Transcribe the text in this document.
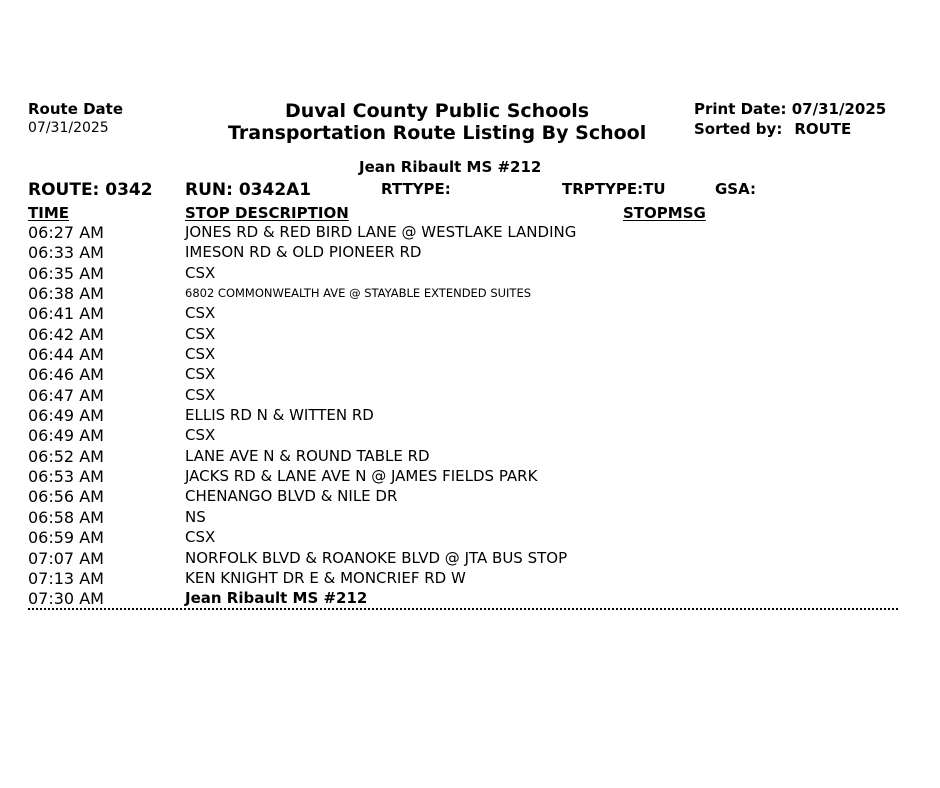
Route Date
07/31/2025
Duval County Public Schools
Transportation Route Listing By School
Print Date: 07/31/2025
Sorted by: ROUTE
Jean Ribault MS #212
ROUTE: 0342 RUN: 0342A1	RTTYPE:	TRPTYPE:TU	GSA:
TIME	STOP DESCRIPTION	STOPMSG
06:27 AM	JONES RD & RED BIRD LANE @ WESTLAKE LANDING
06:33 AM	IMESON RD & OLD PIONEER RD
06:35 AM	CSX
06:38 AM	6802 COMMONWEALTH AVE @ STAYABLE EXTENDED SUITES
06:41 AM	CSX
06:42 AM	CSX
06:44 AM	CSX
06:46 AM	CSX
06:47 AM	CSX
06:49 AM	ELLIS RD N & WITTEN RD
06:49 AM	CSX
06:52 AM	LANE AVE N & ROUND TABLE RD
06:53 AM	JACKS RD & LANE AVE N @ JAMES FIELDS PARK
06:56 AM	CHENANGO BLVD & NILE DR
06:58 AM	NS
06:59 AM	CSX
07:07 AM	NORFOLK BLVD & ROANOKE BLVD @ JTA BUS STOP
07:13 AM	KEN KNIGHT DR E & MONCRIEF RD W
07:30 AM	Jean Ribault MS #212
